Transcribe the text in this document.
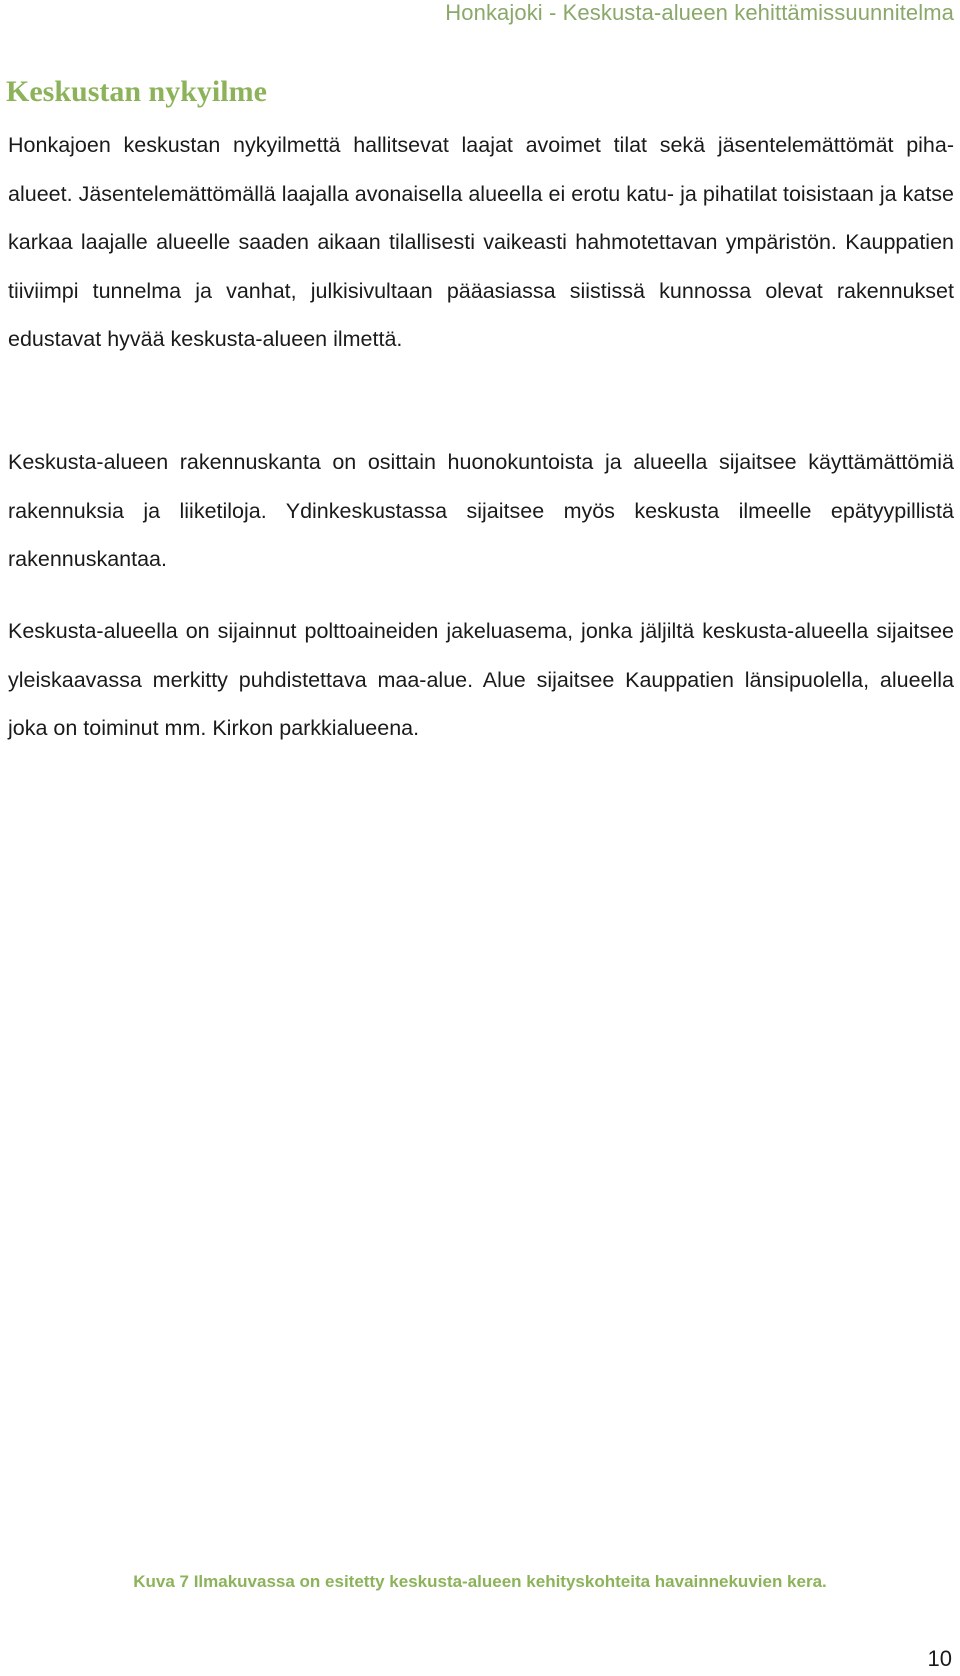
Honkajoki - Keskusta-alueen kehittämissuunnitelma
Keskustan nykyilme

Honkajoen keskustan nykyilmettä hallitsevat laajat avoimet tilat sekä jäsentelemättömät piha-alueet. Jäsentelemättömällä laajalla avonaisella alueella ei erotu katu- ja pihatilat toisistaan ja katse karkaa laajalle alueelle saaden aikaan tilallisesti vaikeasti hahmotettavan ympäristön. Kauppatien tiiviimpi tunnelma ja vanhat, julkisivultaan pääasiassa siistissä kunnossa olevat rakennukset edustavat hyvää keskusta-alueen ilmettä.

Keskusta-alueen rakennuskanta on osittain huonokuntoista ja alueella sijaitsee käyttämättömiä rakennuksia ja liiketiloja. Ydinkeskustassa sijaitsee myös keskusta ilmeelle epätyypillistä rakennuskantaa.

Keskusta-alueella on sijainnut polttoaineiden jakeluasema, jonka jäljiltä keskusta-alueella sijaitsee yleiskaavassa merkitty puhdistettava maa-alue. Alue sijaitsee Kauppatien länsipuolella, alueella joka on toiminut mm. Kirkon parkkialueena.

Kuva 7 Ilmakuvassa on esitetty keskusta-alueen kehityskohteita havainnekuvien kera.
10
